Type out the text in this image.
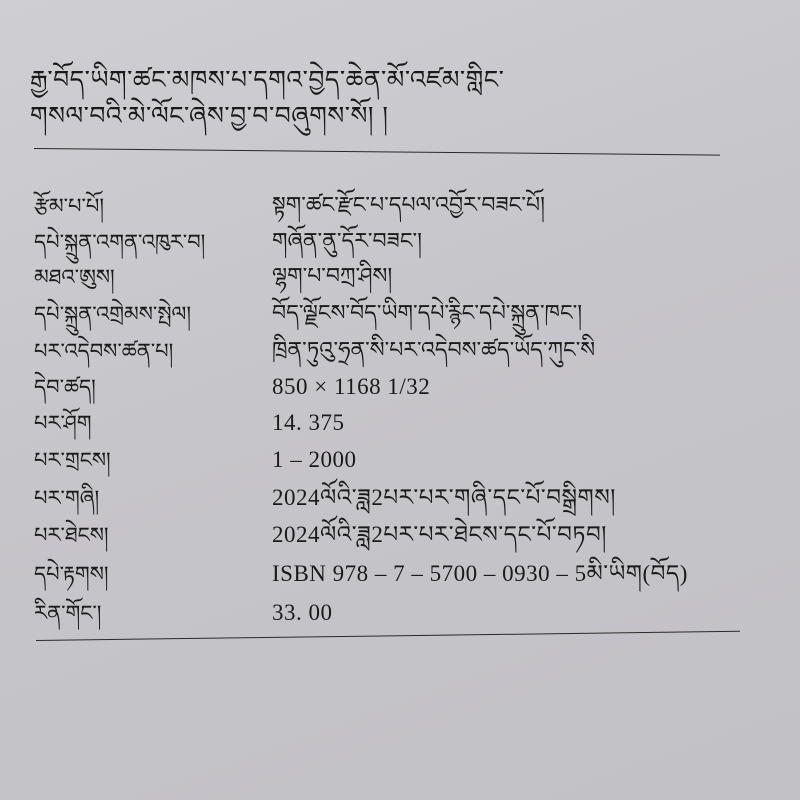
རྒྱ་བོད་ཡིག་ཚང་མཁས་པ་དགའ་བྱེད་ཆེན་མོ་འཛམ་གླིང་
གསལ་བའི་མེ་ལོང་ཞེས་བྱ་བ་བཞུགས་སོ། །
རྩོམ་པ་པོ།	སྟག་ཚང་རྫོང་པ་དཔལ་འབྱོར་བཟང་པོ།
དཔེ་སྐྲུན་འགན་འཁུར་བ།	གཞོན་ནུ་དོར་བཟང་།
མཐའ་ཨུས།	ལྷག་པ་བཀྲ་ཤིས།
དཔེ་སྐྲུན་འགྲེམས་སྤེལ།	བོད་ལྗོངས་བོད་ཡིག་དཔེ་རྙིང་དཔེ་སྐྲུན་ཁང་།
པར་འདེབས་ཚན་པ།	ཁྲིན་ཏུའུ་ཧྲན་སི་པར་འདེབས་ཚད་ཡོད་ཀུང་སི
དེབ་ཚད།	850 × 1168 1/32
པར་ཤོག	14. 375
པར་གྲངས།	1 – 2000
པར་གཞི།	2024ལོའི་ཟླ2པར་པར་གཞི་དང་པོ་བསྒྲིགས།
པར་ཐེངས།	2024ལོའི་ཟླ2པར་པར་ཐེངས་དང་པོ་བཏབ།
དཔེ་རྟགས།	ISBN 978 – 7 – 5700 – 0930 – 5མི་ཡིག(བོད)
རིན་གོང་།	33. 00
